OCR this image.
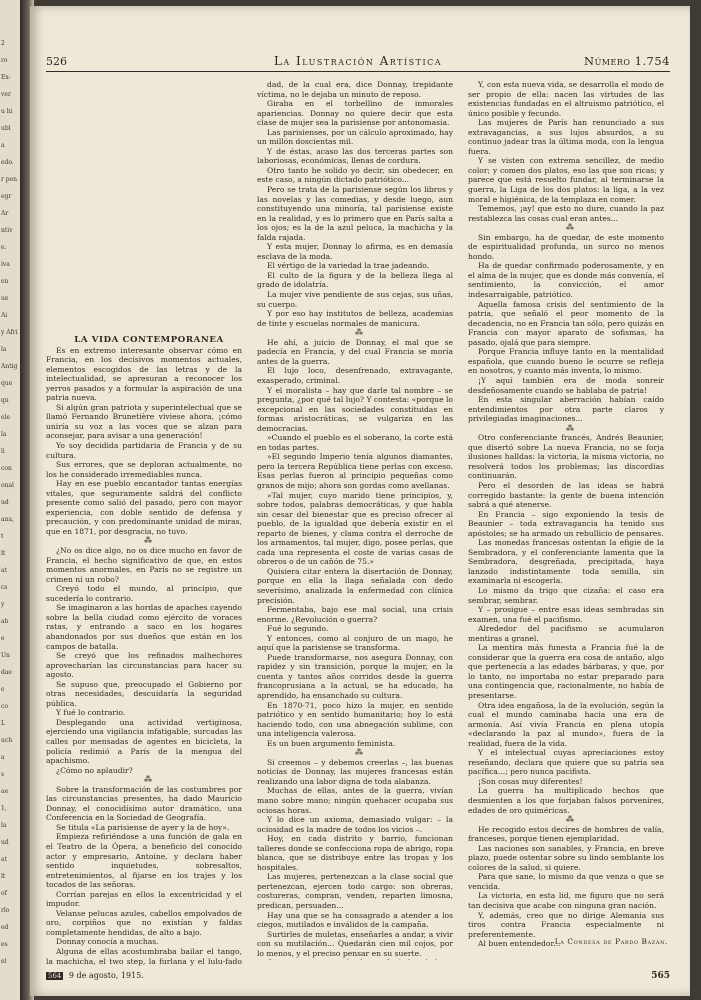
2
ro
Ex-
ver
u hi
ubl
a
edo.
r pen
egr
Ar
ntiv
e.
iva
en
ue
Ai
y Afri
la
Antig
que
qu
ele
la
li
con
onal
ud
ana,
t
lt
at
cs
y
ah
e
Un
dae
e
co
L
uch
a
s
ae
1,
la
ud
at
lt
of
rlo
ed
es
el
526	La Ilustración Artística	Número 1.754

LA VIDA CONTEMPORÁNEA

Es en extremo interesante observar cómo en Francia, en los decisivos momentos actuales, elementos escogidos de las letras y de la intelectualidad, se apresuran a reconocer los yerros pasados y a formular la aspiración de una patria nueva.

Si algún gran patriota y superintelectual que se llamó Fernando Brunetière viviese ahora, ¡cómo uniría su voz a las voces que se alzan para aconsejar, para avisar a una generación!

Yo soy decidida partidaria de Francia y de su cultura.

Sus errores, que se deploran actualmente, no los he considerado irremediables nunca.

Hay en ese pueblo encantador tantas energías vitales, que seguramente saldrá del conflicto presente como salió del pasado, pero con mayor experiencia, con doble sentido de defensa y precaución, y con predominante unidad de miras, que en 1871, por desgracia, no tuvo.

⁂

¿No os dice algo, no os dice mucho en favor de Francia, el hecho significativo de que, en estos momentos anormales, en París no se registre un crimen ni un robo?

Creyó todo el mundo, al principio, que sucedería lo contrario.

Se imaginaron a las hordas de apaches cayendo sobre la bella ciudad como ejército de voraces ratas, y entrando a saco en los hogares abandonados por sus dueños que están en los campos de batalla.

Se creyó que los refinados malhechores aprovecharían las circunstancias para hacer su agosto.

Se supuso que, preocupado el Gobierno por otras necesidades, descuidaría la seguridad pública.

Y fué lo contrario.

Desplegando una actividad vertiginosa, ejerciendo una vigilancia infatigable, surcadas las calles por mensadas de agentes en bicicleta, la policía redimió a París de la mengua del apachismo.

¿Cómo no aplaudir?

⁂

Sobre la transformación de las costumbres por las circunstancias presentes, ha dado Mauricio Donnay, el conocidísimo autor dramático, una Conferencia en la Sociedad de Geografía.

Se titula «La parisiense de ayer y la de hoy».

Empieza refiriéndose a una función de gala en el Teatro de la Ópera, a beneficio del conocido actor y empresario, Antoine, y declara haber sentido inquietudes, sobresaltos, entretenimientos, al fijarse en los trajes y los tocados de las señoras.

Corrían parejas en ellos la excentricidad y el impudor.

Velanse pelucas azules, cabellos empolvados de oro, corpiños que no existían y faldas completamente hendidas, de alto a bajo.

Donnay conocía a muchas.

Alguna de ellas acostumbraba bailar el tango, la machicha, el two step, la furlana y el lulu-fado

dad, de la cual era, dice Donnay, trepidante víctima, no le dejaba un minuto de reposo.

Giraba en el torbellino de inmorales apariencias. Donnay no quiere decir que esta clase de mujer sea la parisiense por antonomasia.

Las parisienses, por un cálculo aproximado, hay un millón doscientas mil.

Y de éstas, acaso las dos terceras partes son laboriosas, económicas, llenas de cordura.

Otro tanto he solido yo decir, sin obedecer, en este caso, a ningún dictado patriótico...

Pero se trata de la parisiense según los libros y las novelas y las comedias, y desde luego, aun constituyendo una minoría, tal parisiense existe en la realidad, y es lo primero que en París salta a los ojos; es la de la azul peluca, la machicha y la falda rajada.

Y esta mujer, Donnay lo afirma, es en demasía esclava de la moda.

El vértigo de la variedad la trae jadeando.

El culto de la figura y de la belleza llega al grado de idolatría.

La mujer vive pendiente de sus cejas, sus uñas, su cuerpo.

Y por eso hay institutos de belleza, academias de tinte y escuelas normales de manicura.

⁂

He ahí, a juicio de Donnay, el mal que se padecía en Francia, y del cual Francia se moría antes de la guerra.

El lujo loco, desenfrenado, extravagante, exasperado, criminal.

Y el moralista – hay que darle tal nombre – se pregunta, ¿por qué tal lujo? Y contesta: «porque lo excepcional en las sociedades constituidas en formas aristocráticas, se vulgariza en las democracias.

»Cuando el pueblo es el soberano, la corte está en todas partes.

»El segundo Imperio tenía algunos diamantes, pero la tercera República tiene perlas con exceso. Esas perlas fueron al principio pequeñas como granos de mijo; ahora son gordas como avellanas.

»Tal mujer, cuyo marido tiene principios, y, sobre todos, palabras democráticas, y que habla sin cesar del bienestar que es preciso ofrecer al pueblo, de la igualdad que debería existir en el reparto de bienes, y clama contra el derroche de los armamentos, tal mujer, digo, posee perlas, que cada una representa el coste de varias casas de obreros o de un cañón de 75.»

Quisiera citar entera la disertación de Donnay, porque en ella la llaga señalada con dedo severísimo, analizada la enfermedad con clínica precisión.

Fermentaba, bajo ese mal social, una crisis enorme. ¿Revolución o guerra?

Fué lo segundo.

Y entonces, como al conjuro de un mago, he aquí que la parisiense se transforma.

Puede transformarse, nos asegura Donnay, con rapidez y sin transición, porque la mujer, en la cuenta y tantos años corridos desde la guerra francoprusiana a la actual, se ha educado, ha aprendido, ha ensanchado su cultura.

En 1870-71, poco hizo la mujer, en sentido patriótico y en sentido humanitario; hoy lo está haciendo todo, con una abnegación sublime, con una inteligencia valerosa.

Es un buen argumento feminista.

⁂

Si creemos – y debemos creerlas –, las buenas noticias de Donnay, las mujeres francesas están realizando una labor digna de toda alabanza.

Muchas de ellas, antes de la guerra, vivían mano sobre mano; ningún quehacer ocupaba sus ociosas horas.

Y lo dice un axioma, demasiado vulgar: – la ociosidad es la madre de todos los vicios –.

Hoy, en cada distrito y barrio, funcionan talleres donde se confecciona ropa de abrigo, ropa blanca, que se distribuye entre las tropas y los hospitales.

Las mujeres, pertenezcan a la clase social que pertenezcan, ejercen todo cargo: son obreras, costureras, compran, venden, reparten limosna, predican, persuaden...

Hay una que se ha consagrado a atender a los ciegos, mutilados e inválidos de la campaña.

Surtirles de muletas, enseñarles a andar, a vivir con su mutilación... Quedarán cien mil cojos, por lo menos, y el preciso pensar en su suerte.

Y, con esta nueva vida, se desarrolla el modo de ser propio de ella: nacen las virtudes de las existencias fundadas en el altruismo patriótico, el único posible y fecundo.

Las mujeres de París han renunciado a sus extravagancias, a sus lujos absurdos, a su continuo jadear tras la última moda, con la lengua fuera.

Y se visten con extrema sencillez, de medio color; y comen dos platos, eso las que son ricas; y parece que está resuelto fundar, al terminarse la guerra, la Liga de los dos platos: la liga, a la vez moral e higiénica, de la templaza en comer.

Tememos, ¡ay! que esto no dure, cuando la paz restablezca las cosas cual eran antes...

⁂

Sin embargo, ha de quedar, de este momento de espiritualidad profunda, un surco no menos hondo.

Ha de quedar confirmado poderosamente, y en el alma de la mujer, que es donde más convenía, el sentimiento, la convicción, el amor indesarraigable, patriótico.

Aquella famosa crisis del sentimiento de la patria, que señaló el peor momento de la decadencia, no en Francia tan sólo, pero quizás en Francia con mayor aparato de sofismas, ha pasado, ojalá que para siempre.

Porque Francia influye tanto en la mentalidad española, que cuando bueno le ocurre se refleja en nosotros, y cuanto más inventa, lo mismo.

¡Y aquí también era de moda sonreír desdeñosamente cuando se hablaba de patria!

En esta singular aberración habían caído entendimientos por otra parte claros y privilegiadas imaginaciones...

⁂

Otro conferenciante francés, Andrés Beaunier, que disertó sobre La nueva Francia, no se forja ilusiones halldas: la victoria, la misma victoria, no resolverá todos los problemas; las discordias continuarán.

Pero el desorden de las ideas se habrá corregido bastante: la gente de buena intención sabrá a qué atenerse.

En Francia – sigo exponiendo la tesis de Beaunier – toda extravagancia ha tenido sus apóstoles; se ha armado un rebullicio de pensares.

Las monedas francesas ostentan la efigie de la Sembradora, y el conferenciante lamenta que la Sembradora, desgreñada, precipitada, haya lanzado indistintamente toda semilla, sin examinarla ni escogerla.

Lo mismo da trigo que cizaña: el caso era sembrar, sembrar.

Y – prosigue – entre esas ideas sembradas sin examen, una fué el pacifismo.

Alrededor del pacifismo se acumularon mentiras a granel.

La mentira más funesta a Francia fué la de considerar que la guerra era cosa de antaño, algo que pertenecía a las edades bárbaras, y que, por lo tanto, no importaba no estar preparado para una contingencia que, racionalmente, no había de presentarse.

Otra idea engañosa, la de la evolución, según la cual el mundo caminaba hacia una era de armonía. Así vivía Francia en plena utopía «declarando la paz al mundo», fuera de la realidad, fuera de la vida.

Y el intelectual cuyas apreciaciones estoy reseñando, declara que quiere que su patria sea pacífica...; pero nunca pacifista.

¡Son cosas muy diferentes!

La guerra ha multiplicado hechos que desmienten a los que forjaban falsos porvenires, edades de oro quiméricas.

⁂

He recogido estos decires de hombres de valía, franceses, porque tienen ejemplaridad.

Las naciones son sanables, y Francia, en breve plazo, puede ostentar sobre su lindo semblante los colores de la salud, si quiere.

Para que sane, lo mismo da que venza o que se vencida.

La victoria, en esta lid, me figuro que no será tan decisiva que acabe con ninguna gran nación.

Y, además, creo que no dirige Alemania sus tiros contra Francia especialmente ni preferentemente.

Al buen entendedor...

La Condesa de Pardo Bazán.
564 9 de agosto, 1915.	565
